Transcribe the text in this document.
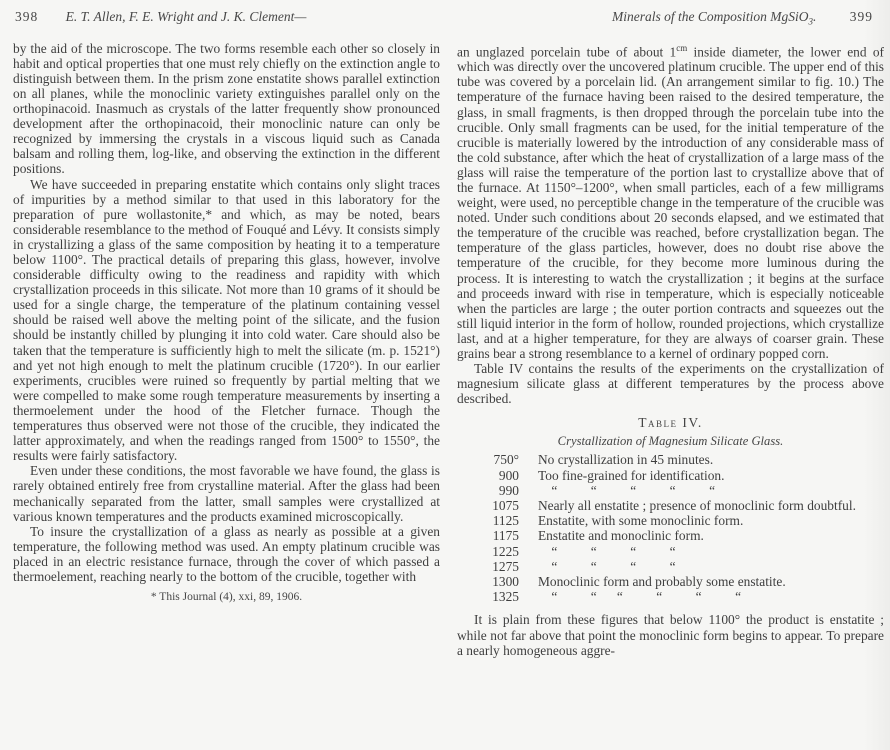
398 E. T. Allen, F. E. Wright and J. K. Clement—	Minerals of the Composition MgSiO$_3$. 399

by the aid of the microscope. The two forms resemble each other so closely in habit and optical properties that one must rely chiefly on the extinction angle to distinguish between them. In the prism zone enstatite shows parallel extinction on all planes, while the monoclinic variety extinguishes parallel only on the orthopinacoid. Inasmuch as crystals of the latter frequently show pronounced development after the orthopinacoid, their monoclinic nature can only be recognized by immersing the crystals in a viscous liquid such as Canada balsam and rolling them, log-like, and observing the extinction in the different positions.

We have succeeded in preparing enstatite which contains only slight traces of impurities by a method similar to that used in this laboratory for the preparation of pure wollastonite,* and which, as may be noted, bears considerable resemblance to the method of Fouqué and Lévy. It consists simply in crystallizing a glass of the same composition by heating it to a temperature below 1100°. The practical details of preparing this glass, however, involve considerable difficulty owing to the readiness and rapidity with which crystallization proceeds in this silicate. Not more than 10 grams of it should be used for a single charge, the temperature of the platinum containing vessel should be raised well above the melting point of the silicate, and the fusion should be instantly chilled by plunging it into cold water. Care should also be taken that the temperature is sufficiently high to melt the silicate (m. p. 1521°) and yet not high enough to melt the platinum crucible (1720°). In our earlier experiments, crucibles were ruined so frequently by partial melting that we were compelled to make some rough temperature measurements by inserting a thermoelement under the hood of the Fletcher furnace. Though the temperatures thus observed were not those of the crucible, they indicated the latter approximately, and when the readings ranged from 1500° to 1550°, the results were fairly satisfactory.

Even under these conditions, the most favorable we have found, the glass is rarely obtained entirely free from crystalline material. After the glass had been mechanically separated from the latter, small samples were crystallized at various known temperatures and the products examined microscopically.

To insure the crystallization of a glass as nearly as possible at a given temperature, the following method was used. An empty platinum crucible was placed in an electric resistance furnace, through the cover of which passed a thermoelement, reaching nearly to the bottom of the crucible, together with

* This Journal (4), xxi, 89, 1906.

an unglazed porcelain tube of about $1^{cm}$ inside diameter, the lower end of which was directly over the uncovered platinum crucible. The upper end of this tube was covered by a porcelain lid. (An arrangement similar to fig. 10.) The temperature of the furnace having been raised to the desired temperature, the glass, in small fragments, is then dropped through the porcelain tube into the crucible. Only small fragments can be used, for the initial temperature of the crucible is materially lowered by the introduction of any considerable mass of the cold substance, after which the heat of crystallization of a large mass of the glass will raise the temperature of the portion last to crystallize above that of the furnace. At 1150°–1200°, when small particles, each of a few milligrams weight, were used, no perceptible change in the temperature of the crucible was noted. Under such conditions about 20 seconds elapsed, and we estimated that the temperature of the crucible was reached, before crystallization began. The temperature of the glass particles, however, does no doubt rise above the temperature of the crucible, for they become more luminous during the process. It is interesting to watch the crystallization ; it begins at the surface and proceeds inward with rise in temperature, which is especially noticeable when the particles are large ; the outer portion contracts and squeezes out the still liquid interior in the form of hollow, rounded projections, which crystallize last, and at a higher temperature, for they are always of coarser grain. These grains bear a strong resemblance to a kernel of ordinary popped corn.

Table IV contains the results of the experiments on the crystallization of magnesium silicate glass at different temperatures by the process above described.

Table IV.
Crystallization of Magnesium Silicate Glass.
750° No crystallization in 45 minutes.
900 Too fine-grained for identification.
990  “   “   “   “   “
1075 Nearly all enstatite ; presence of monoclinic form doubtful.
1125 Enstatite, with some monoclinic form.
1175 Enstatite and monoclinic form.
1225  “   “   “   “
1275  “   “   “   “
1300 Monoclinic form and probably some enstatite.
1325  “   “  “   “   “   “

It is plain from these figures that below 1100° the product is enstatite ; while not far above that point the monoclinic form begins to appear. To prepare a nearly homogeneous aggre-
